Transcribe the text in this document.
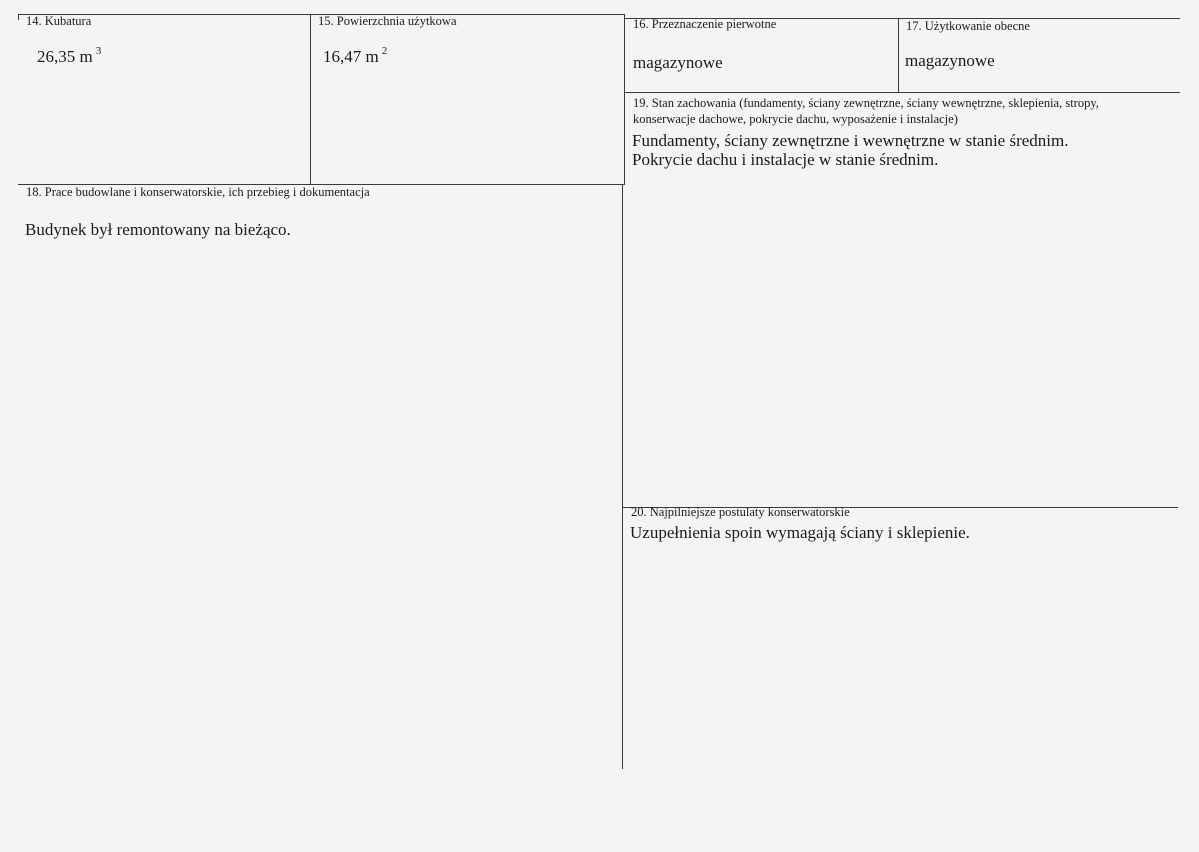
14. Kubatura
26,35 m $^3$
15. Powierzchnia użytkowa
16,47 m $^2$
16. Przeznaczenie pierwotne
magazynowe
17. Użytkowanie obecne
magazynowe
19. Stan zachowania (fundamenty, ściany zewnętrzne, ściany wewnętrzne, sklepienia, stropy,
konserwacje dachowe, pokrycie dachu, wyposażenie i instalacje)
Fundamenty, ściany zewnętrzne i wewnętrzne w stanie średnim.
Pokrycie dachu i instalacje w stanie średnim.
18. Prace budowlane i konserwatorskie, ich przebieg i dokumentacja
Budynek był remontowany na bieżąco.
20. Najpilniejsze postulaty konserwatorskie
Uzupełnienia spoin wymagają ściany i sklepienie.
